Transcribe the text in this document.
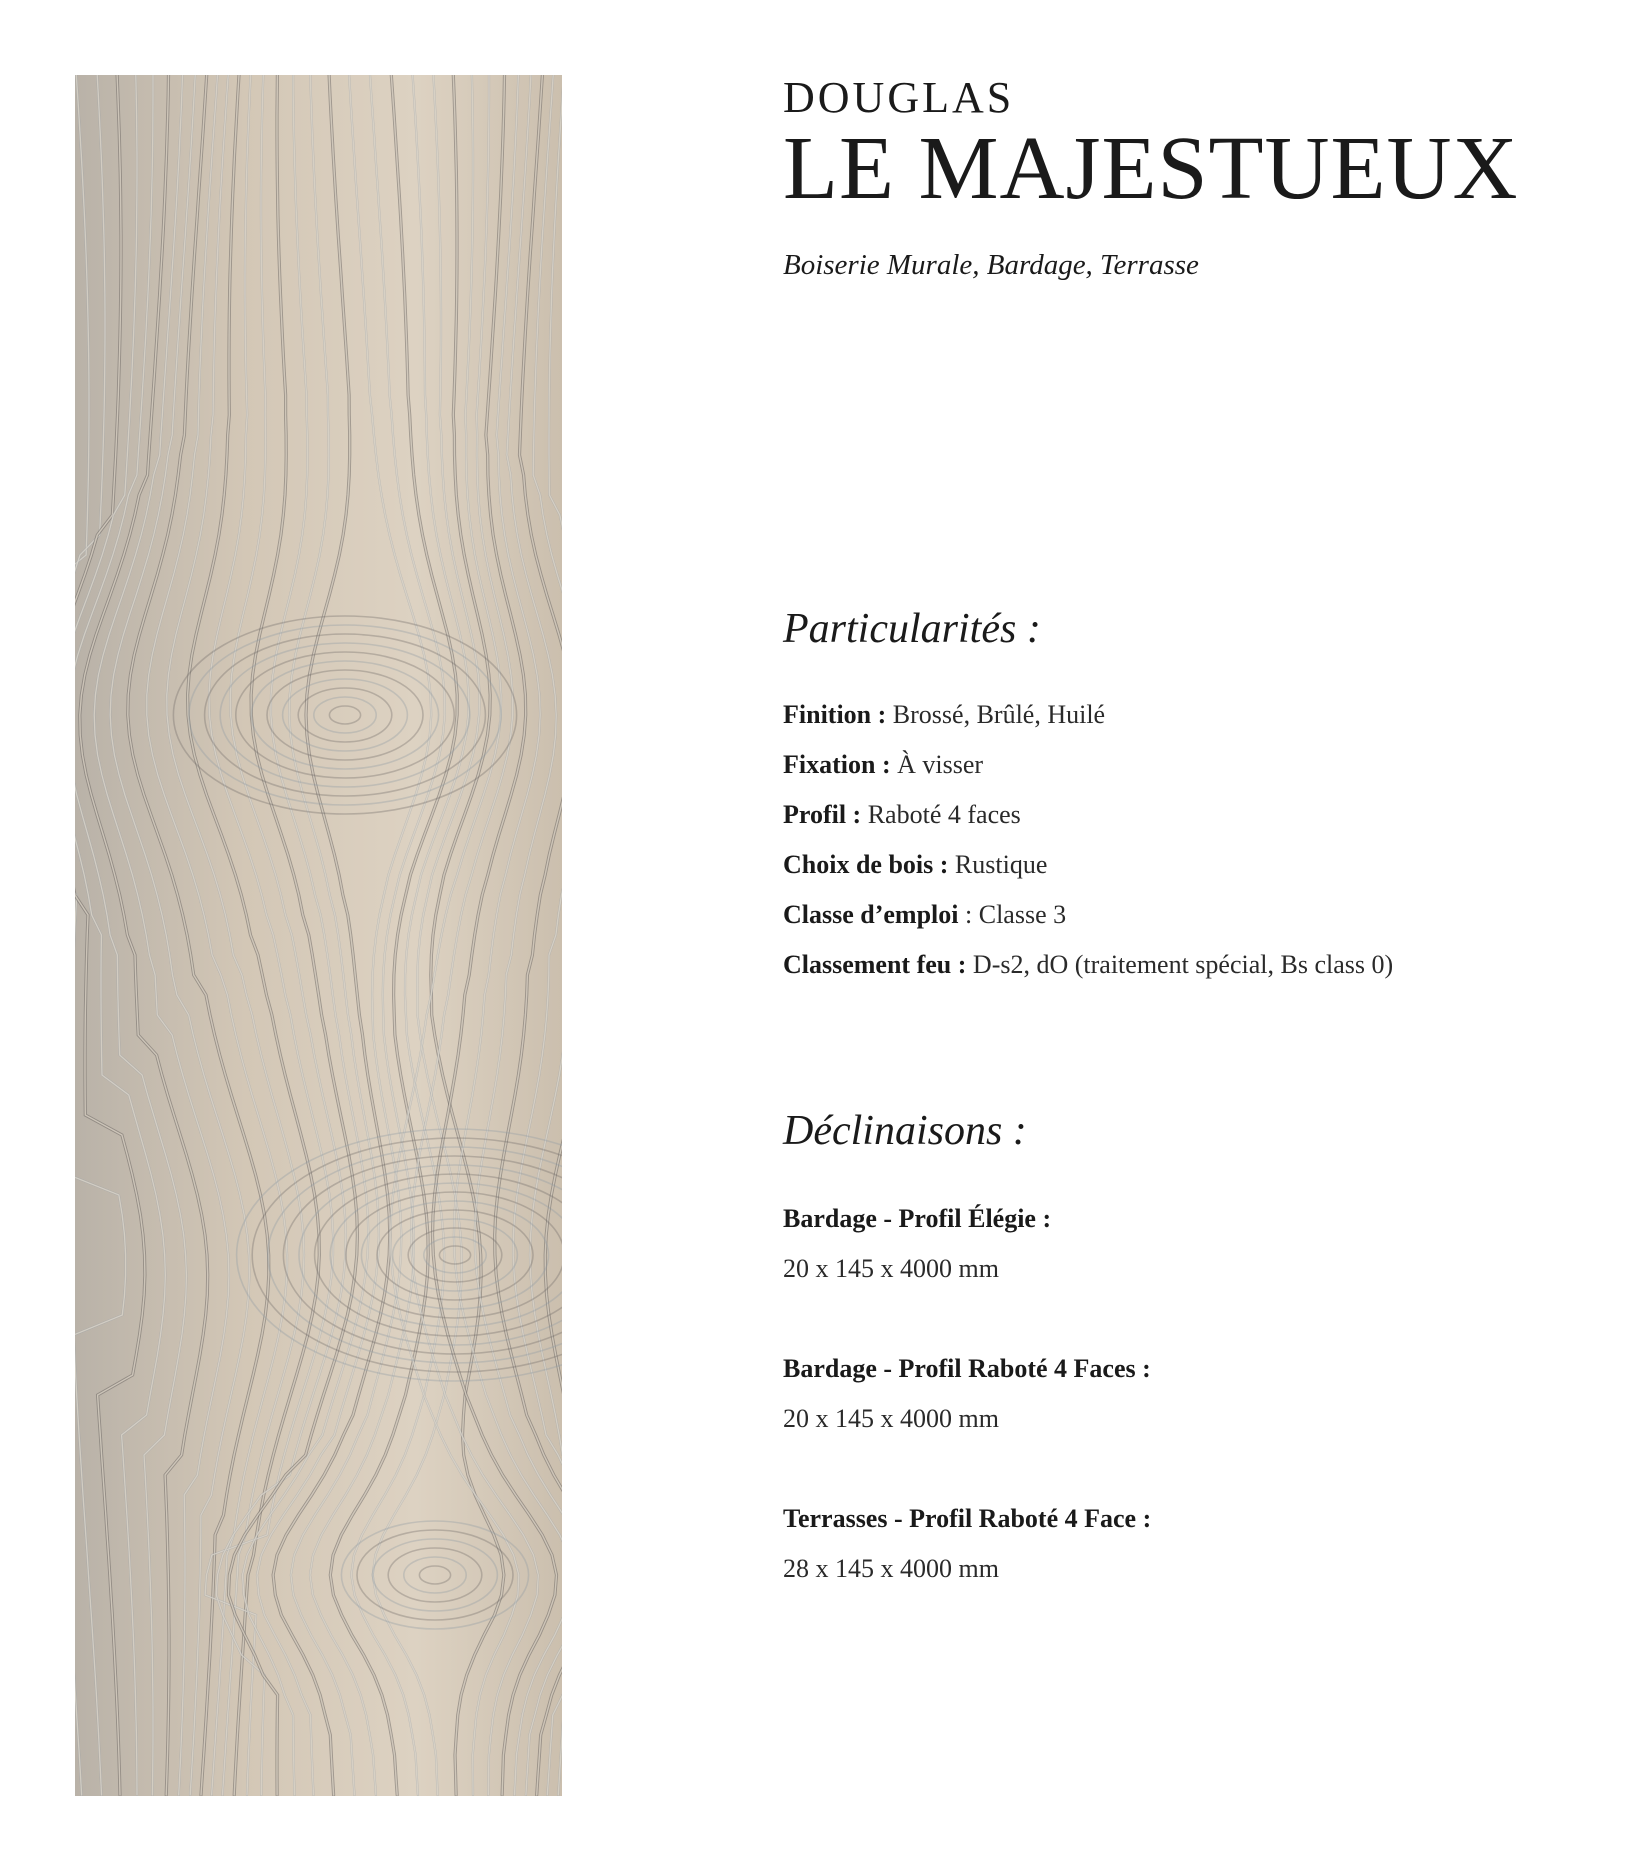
DOUGLAS
LE MAJESTUEUX
Boiserie Murale, Bardage, Terrasse
Particularités :
Finition : Brossé, Brûlé, Huilé
Fixation : À visser
Profil : Raboté 4 faces
Choix de bois : Rustique
Classe d’emploi : Classe 3
Classement feu : D-s2, dO (traitement spécial, Bs class 0)
Déclinaisons :
Bardage - Profil Élégie :
20 x 145 x 4000 mm
Bardage - Profil Raboté 4 Faces :
20 x 145 x 4000 mm
Terrasses - Profil Raboté 4 Face :
28 x 145 x 4000 mm
